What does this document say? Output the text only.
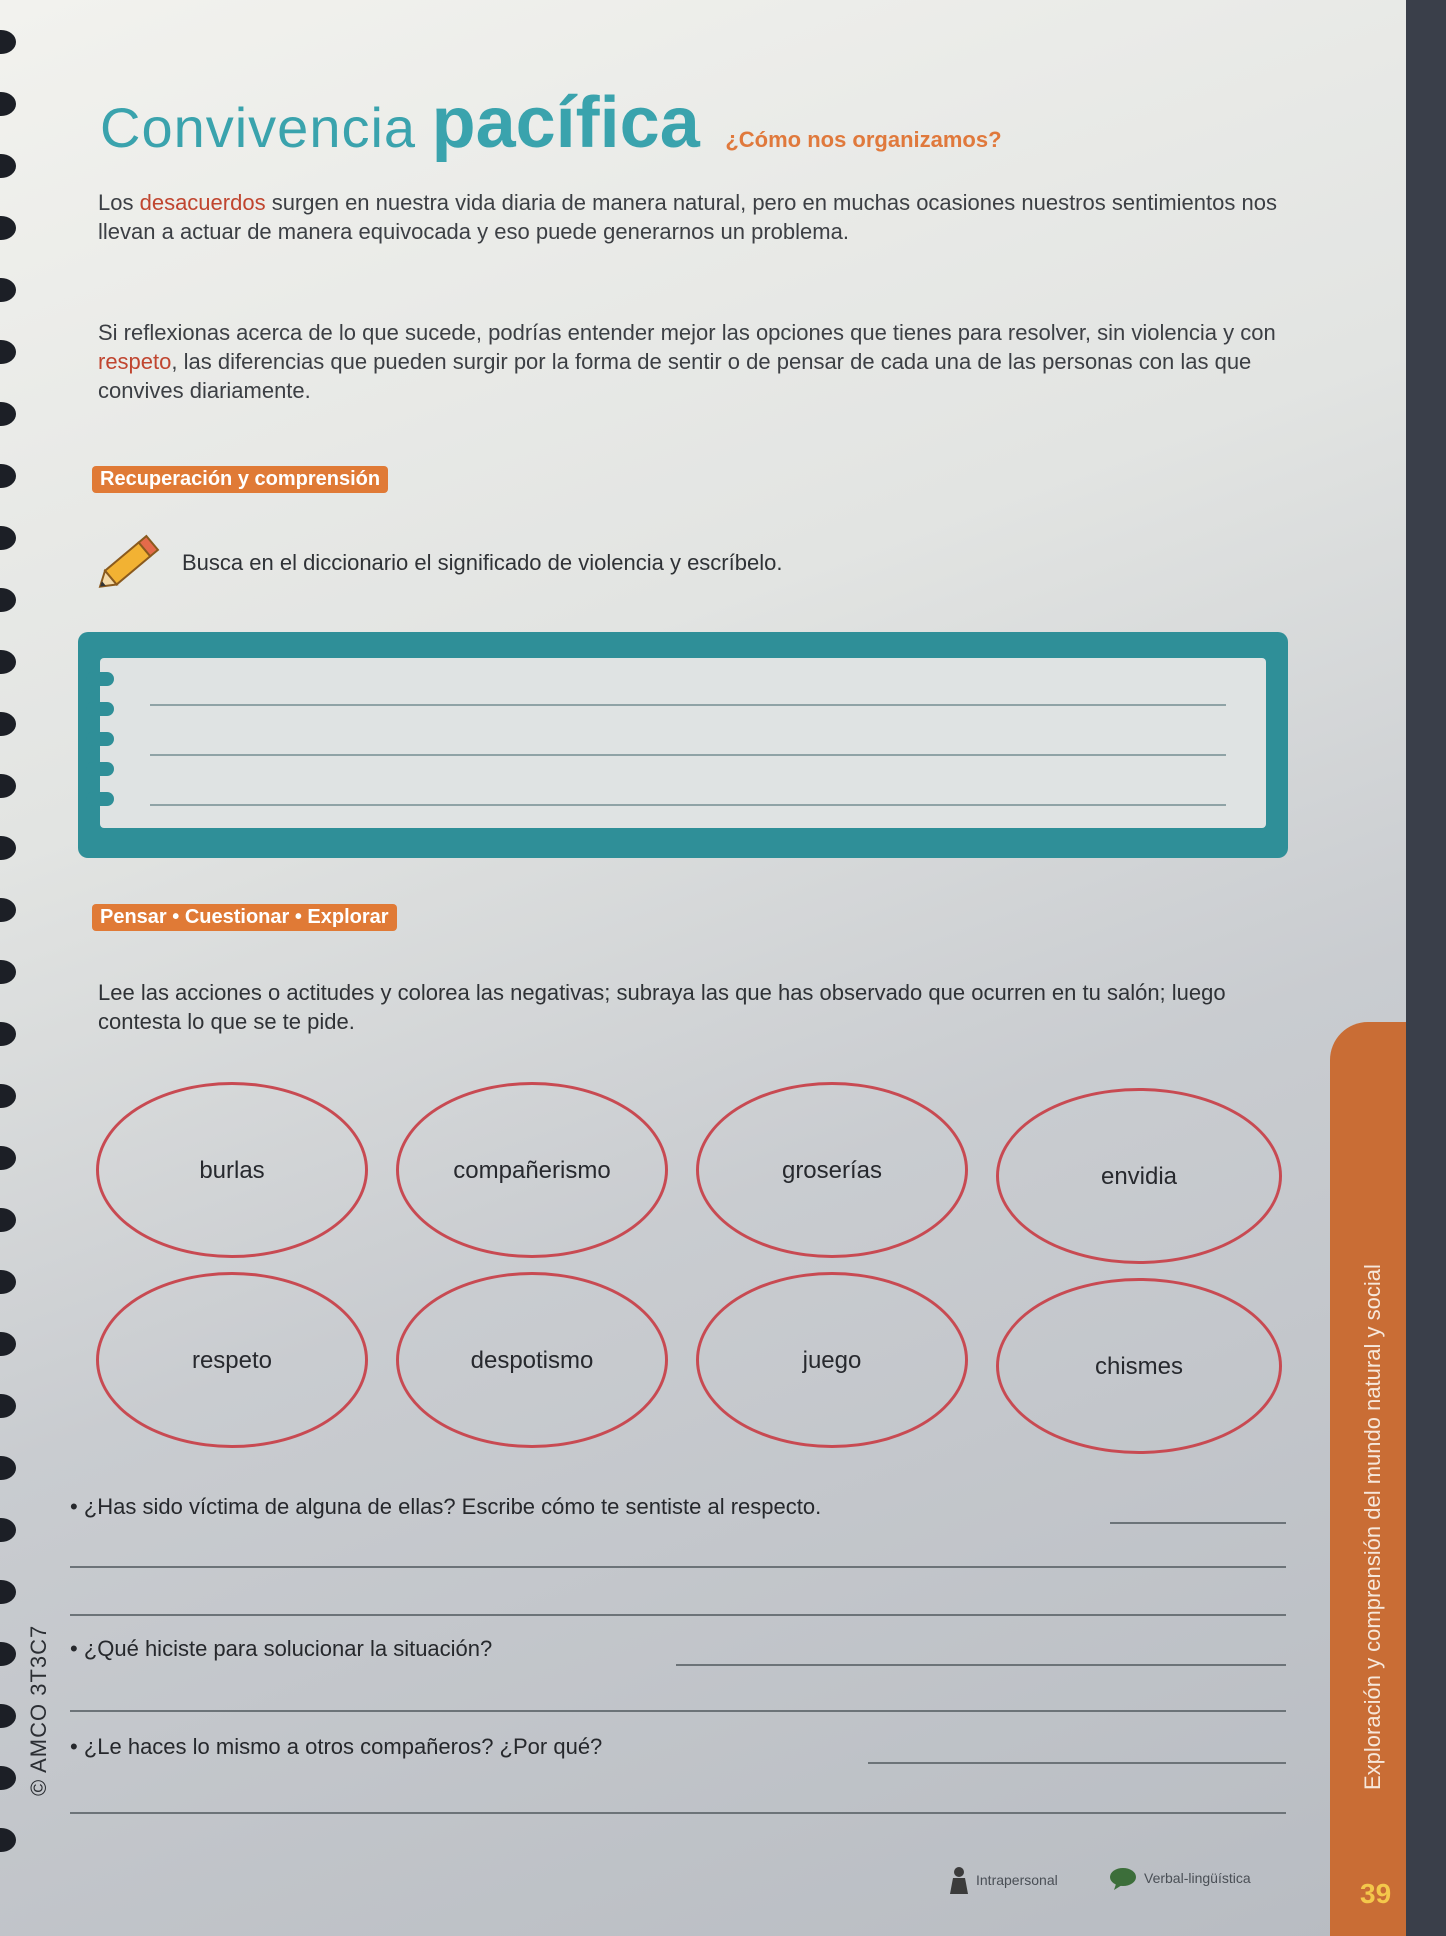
Convivencia pacífica ¿Cómo nos organizamos?
Los desacuerdos surgen en nuestra vida diaria de manera natural, pero en muchas ocasiones nuestros sentimientos nos llevan a actuar de manera equivocada y eso puede generarnos un problema.
Si reflexionas acerca de lo que sucede, podrías entender mejor las opciones que tienes para resolver, sin violencia y con respeto, las diferencias que pueden surgir por la forma de sentir o de pensar de cada una de las personas con las que convives diariamente.
Recuperación y comprensión
Busca en el diccionario el significado de violencia y escríbelo.
Pensar • Cuestionar • Explorar
Lee las acciones o actitudes y colorea las negativas; subraya las que has observado que ocurren en tu salón; luego contesta lo que se te pide.
burlas	compañerismo	groserías	envidia
respeto	despotismo	juego	chismes
• ¿Has sido víctima de alguna de ellas? Escribe cómo te sentiste al respecto.
• ¿Qué hiciste para solucionar la situación?
• ¿Le haces lo mismo a otros compañeros? ¿Por qué?
© AMCO 3T3C7
Intrapersonal	Verbal-lingüística
Exploración y comprensión del mundo natural y social
39
